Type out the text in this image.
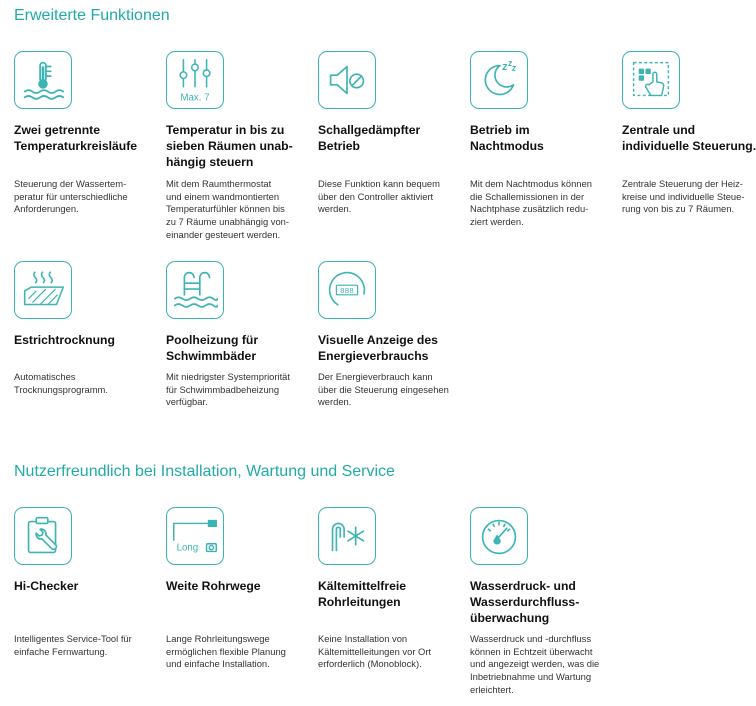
Erweiterte Funktionen
Zwei getrennte
Temperaturkreisläufe
Steuerung der Wassertem-
peratur für unterschiedliche
Anforderungen.
Max. 7
Temperatur in bis zu
sieben Räumen unab-
hängig steuern
Mit dem Raumthermostat
und einem wandmontierten
Temperaturfühler können bis
zu 7 Räume unabhängig von-
einander gesteuert werden.
Schallgedämpfter
Betrieb
Diese Funktion kann bequem
über den Controller aktiviert
werden.
Betrieb im
Nachtmodus
Mit dem Nachtmodus können
die Schallemissionen in der
Nachtphase zusätzlich redu-
ziert werden.
Zentrale und
individuelle Steuerung.
Zentrale Steuerung der Heiz-
kreise und individuelle Steue-
rung von bis zu 7 Räumen.
Estrichtrocknung
Automatisches
Trocknungsprogramm.
Poolheizung für
Schwimmbäder
Mit niedrigster Systempriorität
für Schwimmbadbeheizung
verfügbar.
888
Visuelle Anzeige des
Energieverbrauchs
Der Energieverbrauch kann
über die Steuerung eingesehen
werden.
Nutzerfreundlich bei Installation, Wartung und Service
Hi-Checker
Intelligentes Service-Tool für
einfache Fernwartung.
Long
Weite Rohrwege
Lange Rohrleitungswege
ermöglichen flexible Planung
und einfache Installation.
Kältemittelfreie
Rohrleitungen
Keine Installation von
Kältemittelleitungen vor Ort
erforderlich (Monoblock).
Wasserdruck- und
Wasserdurchfluss-
überwachung
Wasserdruck und -durchfluss
können in Echtzeit überwacht
und angezeigt werden, was die
Inbetriebnahme und Wartung
erleichtert.
